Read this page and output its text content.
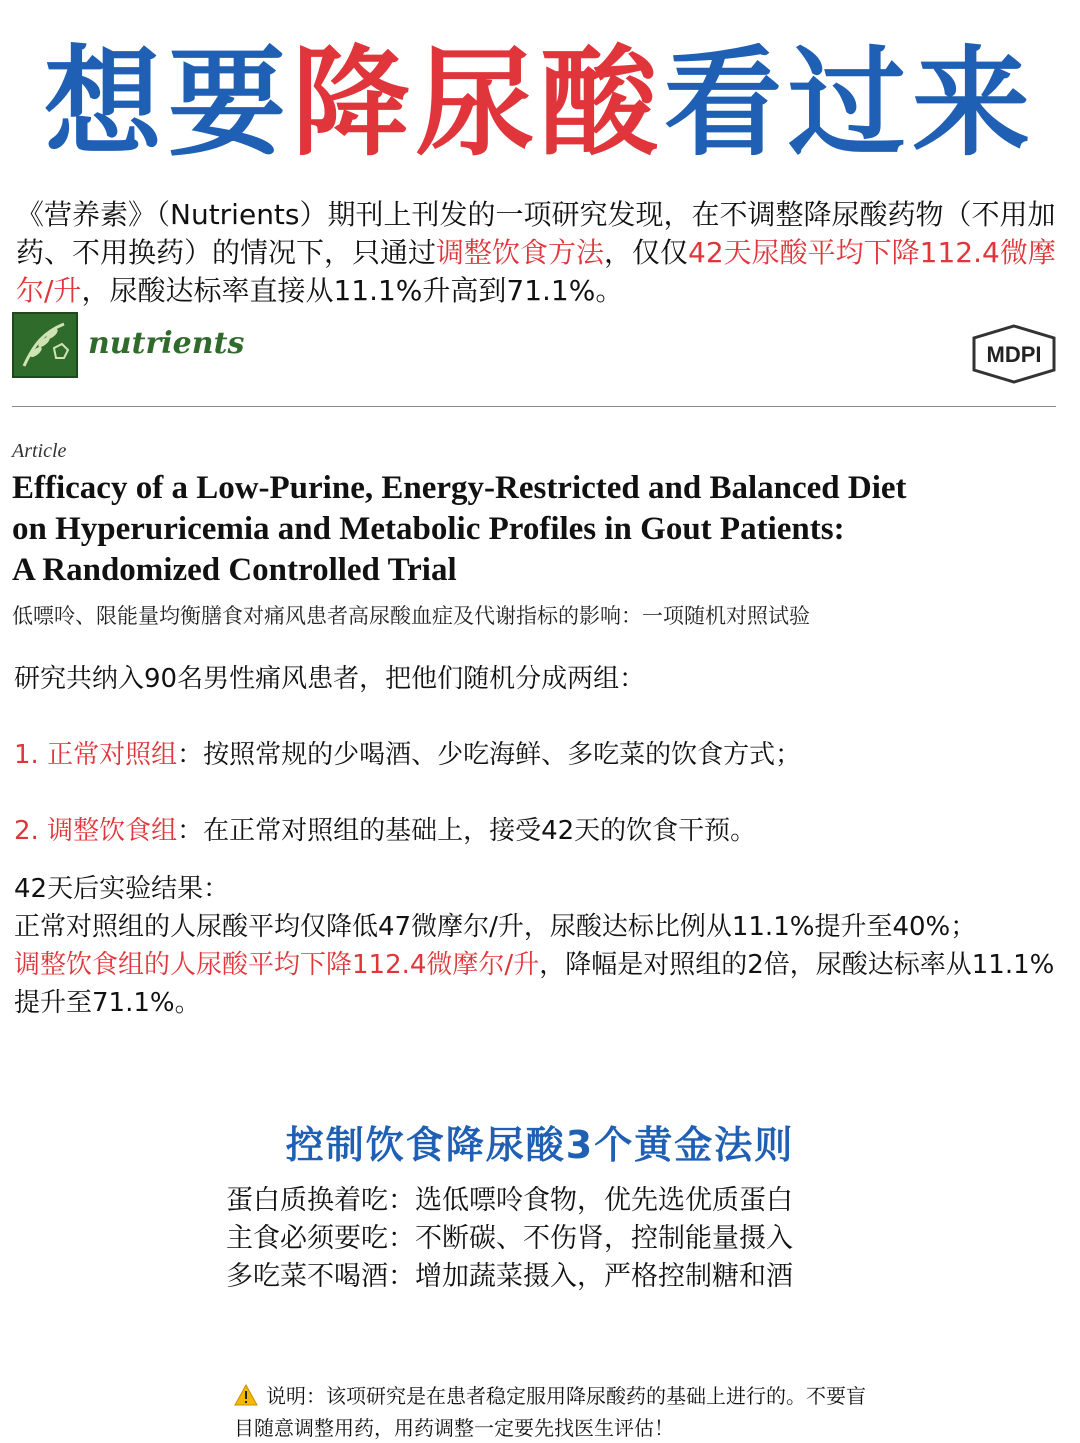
想要降尿酸看过来
《营养素》（Nutrients）期刊上刊发的一项研究发现，在不调整降尿酸药物（不用加药、不用换药）的情况下，只通过调整饮食方法，仅仅42天尿酸平均下降112.4微摩尔/升，尿酸达标率直接从11.1%升高到71.1%。
nutrients	MDPI
Article
Efficacy of a Low-Purine, Energy-Restricted and Balanced Diet
on Hyperuricemia and Metabolic Profiles in Gout Patients:
A Randomized Controlled Trial
低嘌呤、限能量均衡膳食对痛风患者高尿酸血症及代谢指标的影响：一项随机对照试验
研究共纳入90名男性痛风患者，把他们随机分成两组：
1. 正常对照组：按照常规的少喝酒、少吃海鲜、多吃菜的饮食方式；
2. 调整饮食组：在正常对照组的基础上，接受42天的饮食干预。
42天后实验结果：
正常对照组的人尿酸平均仅降低47微摩尔/升，尿酸达标比例从11.1%提升至40%；
调整饮食组的人尿酸平均下降112.4微摩尔/升，降幅是对照组的2倍，尿酸达标率从11.1%提升至71.1%。
控制饮食降尿酸3个黄金法则
蛋白质换着吃：选低嘌呤食物，优先选优质蛋白
主食必须要吃：不断碳、不伤肾，控制能量摄入
多吃菜不喝酒：增加蔬菜摄入，严格控制糖和酒
说明：该项研究是在患者稳定服用降尿酸药的基础上进行的。不要盲目随意调整用药，用药调整一定要先找医生评估！
